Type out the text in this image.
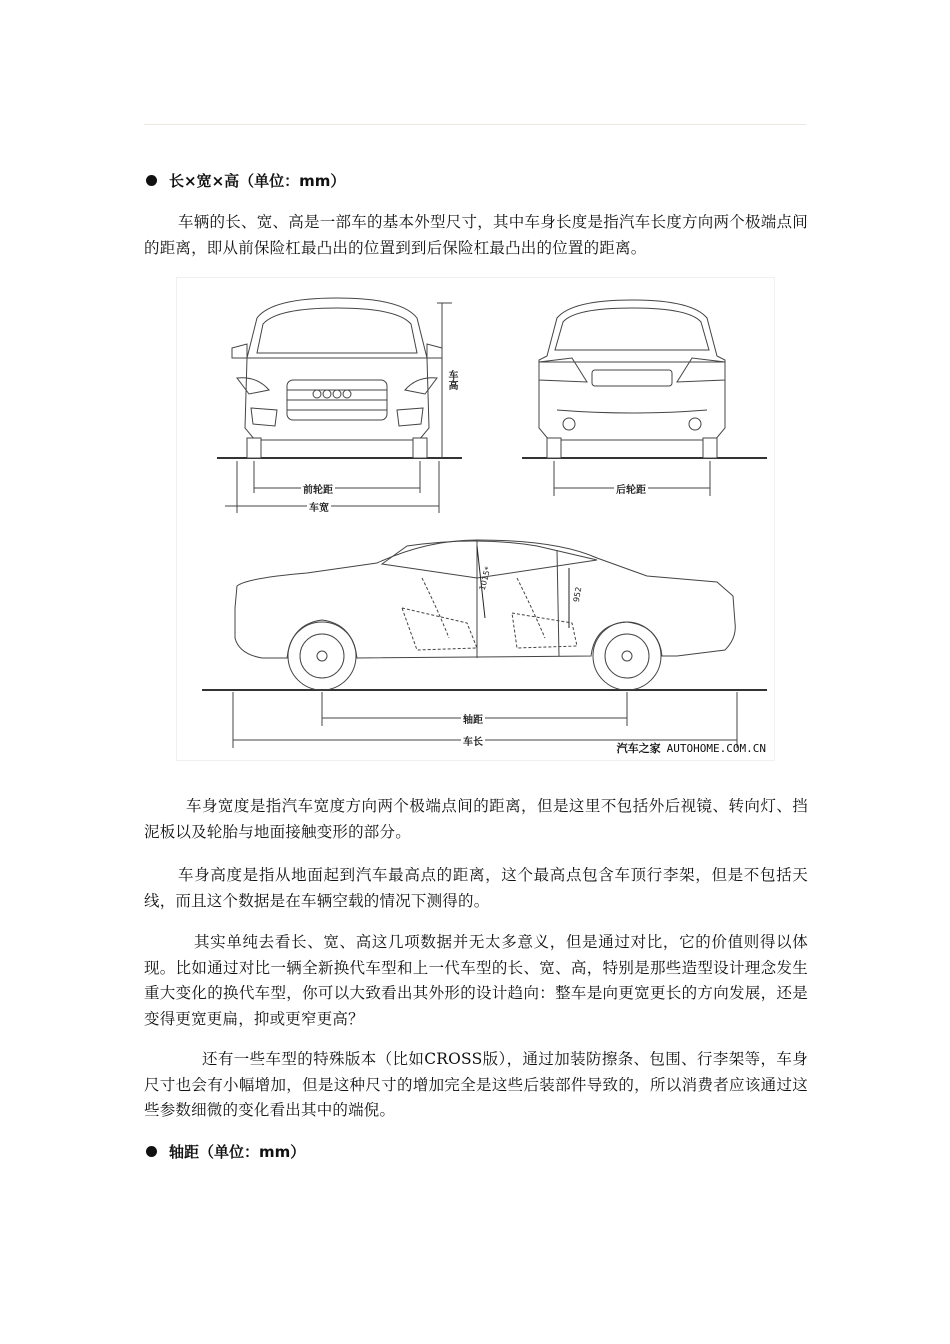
长×宽×高（单位：mm）
车辆的长、宽、高是一部车的基本外型尺寸，其中车身长度是指汽车长度方向两个极端点间的距离，即从前保险杠最凸出的位置到到后保险杠最凸出的位置的距离。
前轮距
车宽
车高
后轮距
轴距
车长
1015*
952
汽车之家 AUTOHOME.COM.CN
车身宽度是指汽车宽度方向两个极端点间的距离，但是这里不包括外后视镜、转向灯、挡泥板以及轮胎与地面接触变形的部分。
车身高度是指从地面起到汽车最高点的距离，这个最高点包含车顶行李架，但是不包括天线，而且这个数据是在车辆空载的情况下测得的。
其实单纯去看长、宽、高这几项数据并无太多意义，但是通过对比，它的价值则得以体现。比如通过对比一辆全新换代车型和上一代车型的长、宽、高，特别是那些造型设计理念发生重大变化的换代车型，你可以大致看出其外形的设计趋向：整车是向更宽更长的方向发展，还是变得更宽更扁，抑或更窄更高？
还有一些车型的特殊版本（比如CROSS版），通过加装防擦条、包围、行李架等，车身尺寸也会有小幅增加，但是这种尺寸的增加完全是这些后装部件导致的，所以消费者应该通过这些参数细微的变化看出其中的端倪。
轴距（单位：mm）
